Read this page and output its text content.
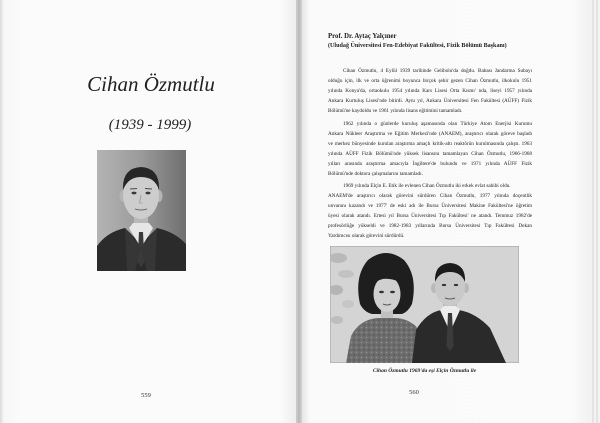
Cihan Özmutlu
(1939 - 1999)
559
Prof. Dr. Aytaç Yalçıner
(Uludağ Üniversitesi Fen-Edebiyat Fakültesi, Fizik Bölümü Başkanı)
Cihan Özmutlu, 4 Eylül 1939 tarihinde Gelibolu'da doğdu. Babası Jandarma Subayı
olduğu için, ilk ve orta öğrenimi boyunca birçok şehir gezen Cihan Özmutlu, ilkokulu 1951
yılında Konya'da, ortaokulu 1954 yılında Kars Lisesi Orta Kısmı' nda, liseyi 1957 yılında
Ankara Kurtuluş Lisesi'nde bitirdi. Aynı yıl, Ankara Üniversitesi Fen Fakültesi (AÜFF) Fizik
Bölümü'ne kaydoldu ve 1961 yılında lisans eğitimini tamamladı.
1962 yılında o günlerde kuruluş aşamasında olan Türkiye Atom Enerjisi Kurumu
Ankara Nükleer Araştırma ve Eğitim Merkezi'nde (ANAEM), araştırıcı olarak göreve başladı
ve merkez bünyesinde kurulan araştırma amaçlı kritik-altı reaktörün kurulmasında çalıştı. 1963
yılında AÜFF Fizik Bölümü'nde yüksek lisansını tamamlayan Cihan Özmutlu, 1966-1968
yılları arasında araştırma amacıyla İngiltere'de bulundu ve 1971 yılında AÜFF Fizik
Bölümü'nde doktora çalışmalarını tamamladı.
1969 yılında Elçin E. Etik ile evlenen Cihan Özmutlu iki erkek evlat sahibi oldu.
ANAEM'de araştırıcı olarak görevini sürdüren Cihan Özmutlu, 1977 yılında doçentlik
unvanını kazandı ve 1977' de eski adı ile Bursa Üniversitesi Makine Fakültesi'ne öğretim
üyesi olarak atandı. Ertesi yıl Bursa Üniversitesi Tıp Fakültesi' ne atandı. Temmuz 1982'de
profesörlüğe yükseldi ve 1982-1983 yıllarında Bursa Üniversitesi Tıp Fakültesi Dekan
Yardımcısı olarak görevini sürdürdü.
Cihan Özmutlu 1969'da eşi Elçin Özmutlu ile
560
